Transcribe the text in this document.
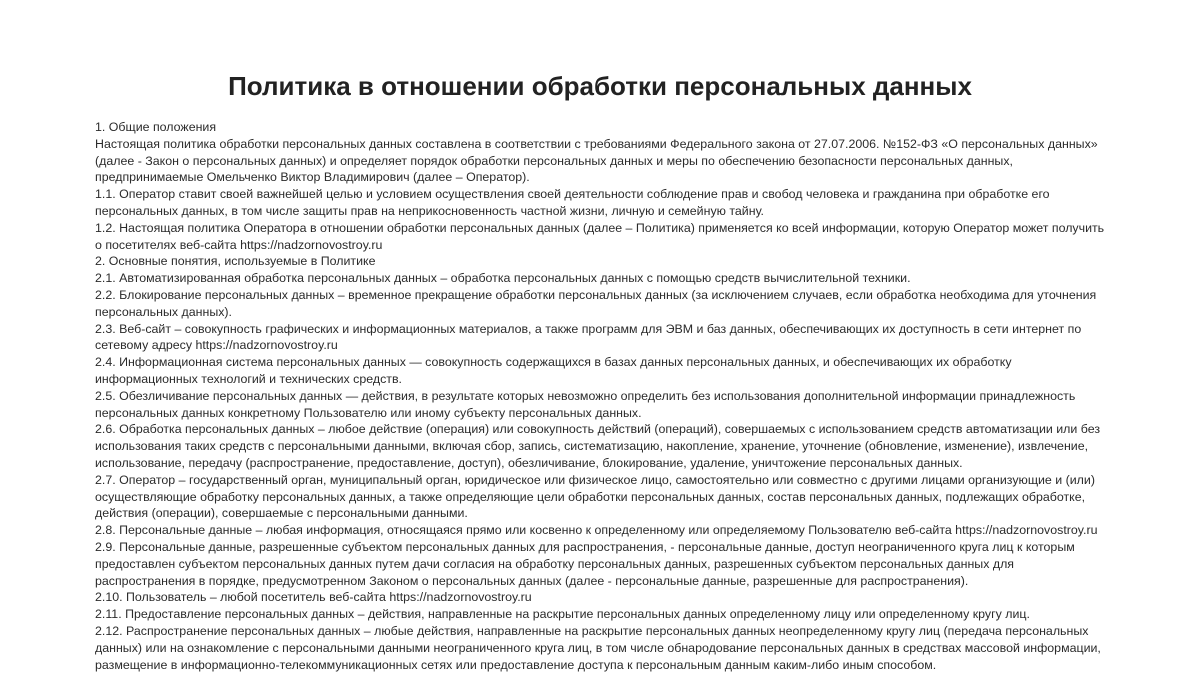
Политика в отношении обработки персональных данных

1. Общие положения

Настоящая политика обработки персональных данных составлена в соответствии с требованиями Федерального закона от 27.07.2006. №152-ФЗ «О персональных данных» (далее - Закон о персональных данных) и определяет порядок обработки персональных данных и меры по обеспечению безопасности персональных данных, предпринимаемые Омельченко Виктор Владимирович (далее – Оператор).

1.1. Оператор ставит своей важнейшей целью и условием осуществления своей деятельности соблюдение прав и свобод человека и гражданина при обработке его персональных данных, в том числе защиты прав на неприкосновенность частной жизни, личную и семейную тайну.

1.2. Настоящая политика Оператора в отношении обработки персональных данных (далее – Политика) применяется ко всей информации, которую Оператор может получить о посетителях веб-сайта https://nadzornovostroy.ru

2. Основные понятия, используемые в Политике

2.1. Автоматизированная обработка персональных данных – обработка персональных данных с помощью средств вычислительной техники.

2.2. Блокирование персональных данных – временное прекращение обработки персональных данных (за исключением случаев, если обработка необходима для уточнения персональных данных).

2.3. Веб-сайт – совокупность графических и информационных материалов, а также программ для ЭВМ и баз данных, обеспечивающих их доступность в сети интернет по сетевому адресу https://nadzornovostroy.ru

2.4. Информационная система персональных данных — совокупность содержащихся в базах данных персональных данных, и обеспечивающих их обработку информационных технологий и технических средств.

2.5. Обезличивание персональных данных — действия, в результате которых невозможно определить без использования дополнительной информации принадлежность персональных данных конкретному Пользователю или иному субъекту персональных данных.

2.6. Обработка персональных данных – любое действие (операция) или совокупность действий (операций), совершаемых с использованием средств автоматизации или без использования таких средств с персональными данными, включая сбор, запись, систематизацию, накопление, хранение, уточнение (обновление, изменение), извлечение, использование, передачу (распространение, предоставление, доступ), обезличивание, блокирование, удаление, уничтожение персональных данных.

2.7. Оператор – государственный орган, муниципальный орган, юридическое или физическое лицо, самостоятельно или совместно с другими лицами организующие и (или) осуществляющие обработку персональных данных, а также определяющие цели обработки персональных данных, состав персональных данных, подлежащих обработке, действия (операции), совершаемые с персональными данными.

2.8. Персональные данные – любая информация, относящаяся прямо или косвенно к определенному или определяемому Пользователю веб-сайта https://nadzornovostroy.ru

2.9. Персональные данные, разрешенные субъектом персональных данных для распространения, - персональные данные, доступ неограниченного круга лиц к которым предоставлен субъектом персональных данных путем дачи согласия на обработку персональных данных, разрешенных субъектом персональных данных для распространения в порядке, предусмотренном Законом о персональных данных (далее - персональные данные, разрешенные для распространения).

2.10. Пользователь – любой посетитель веб-сайта https://nadzornovostroy.ru

2.11. Предоставление персональных данных – действия, направленные на раскрытие персональных данных определенному лицу или определенному кругу лиц.

2.12. Распространение персональных данных – любые действия, направленные на раскрытие персональных данных неопределенному кругу лиц (передача персональных данных) или на ознакомление с персональными данными неограниченного круга лиц, в том числе обнародование персональных данных в средствах массовой информации, размещение в информационно-телекоммуникационных сетях или предоставление доступа к персональным данным каким-либо иным способом.
